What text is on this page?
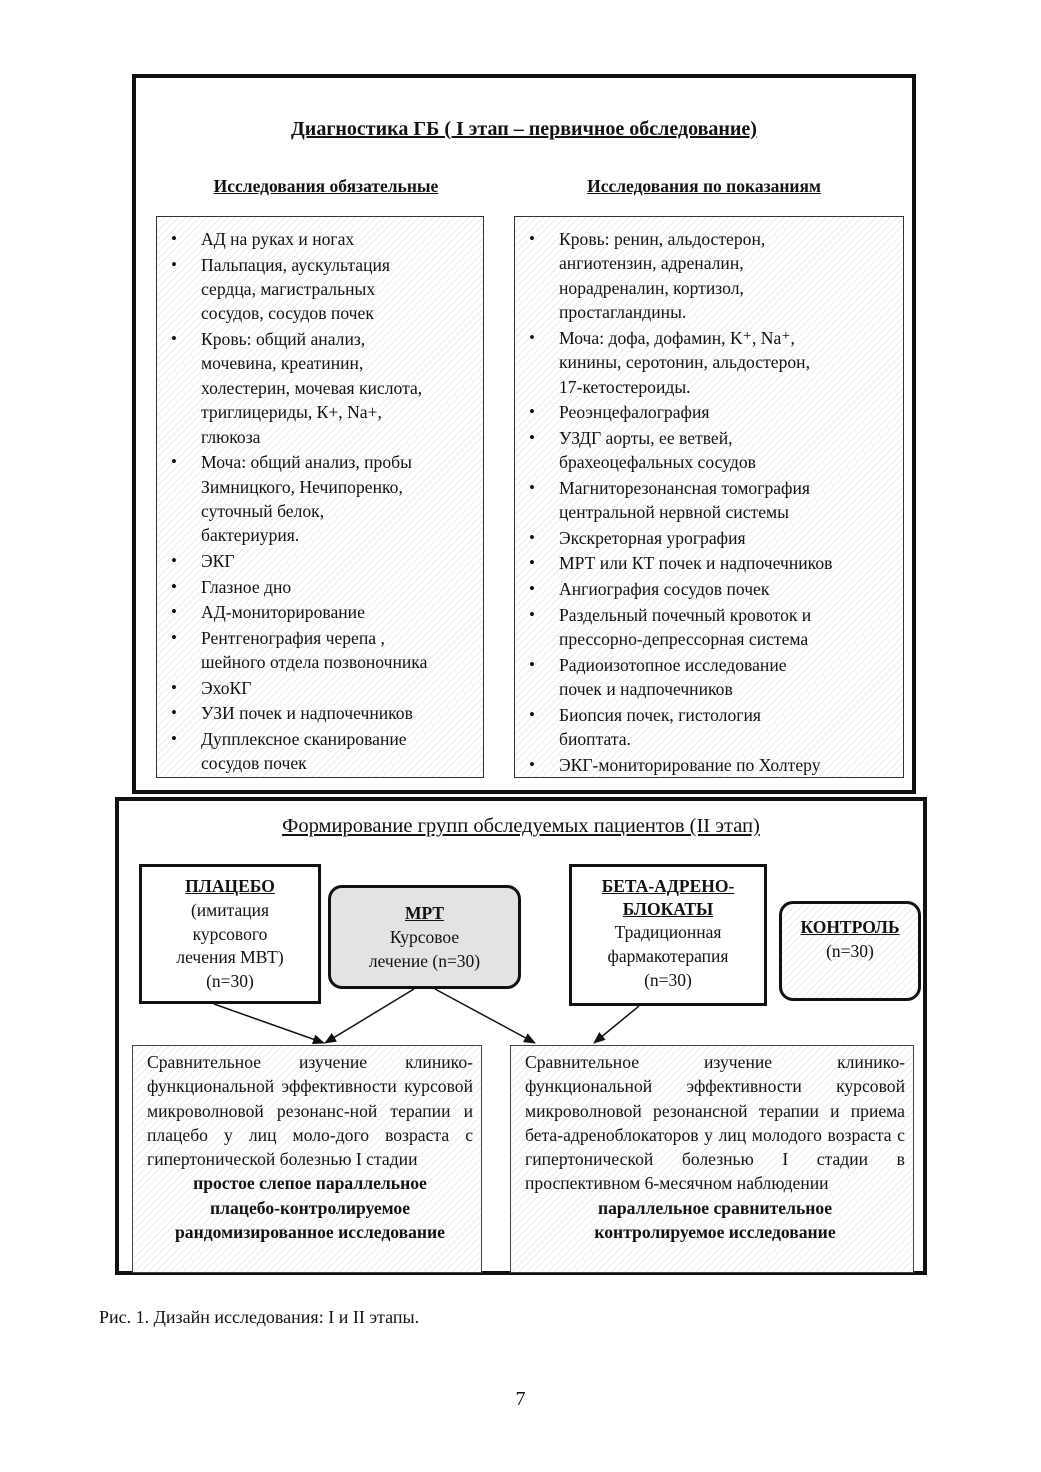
Диагностика ГБ ( I этап – первичное обследование)
Исследования обязательные	Исследования по показаниям
• АД на руках и ногах
• Пальпация, аускультация
сердца, магистральных
сосудов, сосудов почек
• Кровь: общий анализ,
мочевина, креатинин,
холестерин, мочевая кислота,
триглицериды, К+, Na+,
глюкоза
• Моча: общий анализ, пробы
Зимницкого, Нечипоренко,
суточный белок,
бактериурия.
• ЭКГ
• Глазное дно
• АД-мониторирование
• Рентгенография черепа ,
шейного отдела позвоночника
• ЭхоКГ
• УЗИ почек и надпочечников
• Дупплексное сканирование
сосудов почек
• Кровь: ренин, альдостерон,
ангиотензин, адреналин,
норадреналин, кортизол,
простагландины.
• Моча: дофа, дофамин, K⁺, Na⁺,
кинины, серотонин, альдостерон,
17-кетостероиды.
• Реоэнцефалография
• УЗДГ аорты, ее ветвей,
брахеоцефальных сосудов
• Магниторезонансная томография
центральной нервной системы
• Экскреторная урография
• МРТ или КТ почек и надпочечников
• Ангиография сосудов почек
• Раздельный почечный кровоток и
прессорно-депрессорная система
• Радиоизотопное исследование
почек и надпочечников
• Биопсия почек, гистология
биоптата.
• ЭКГ-мониторирование по Холтеру
Формирование групп обследуемых пациентов (II этап)
ПЛАЦЕБО
(имитация
курсового
лечения МВТ)
(n=30)
МРТ
Курсовое
лечение (n=30)
БЕТА-АДРЕНО-
БЛОКАТЫ
Традиционная
фармакотерапия
(n=30)
КОНТРОЛЬ
(n=30)
Сравнительное изучение клинико-функциональной эффективности курсовой микроволновой резонанс-ной терапии и плацебо у лиц моло-дого возраста с гипертонической болезнью I стадии
простое слепое параллельное
плацебо-контролируемое
рандомизированное исследование
Сравнительное изучение клинико-функциональной эффективности курсовой микроволновой резонансной терапии и приема бета-адреноблокаторов у лиц молодого возраста с гипертонической болезнью I стадии в проспективном 6-месячном наблюдении
параллельное сравнительное
контролируемое исследование
Рис. 1. Дизайн исследования: I и II этапы.
7
